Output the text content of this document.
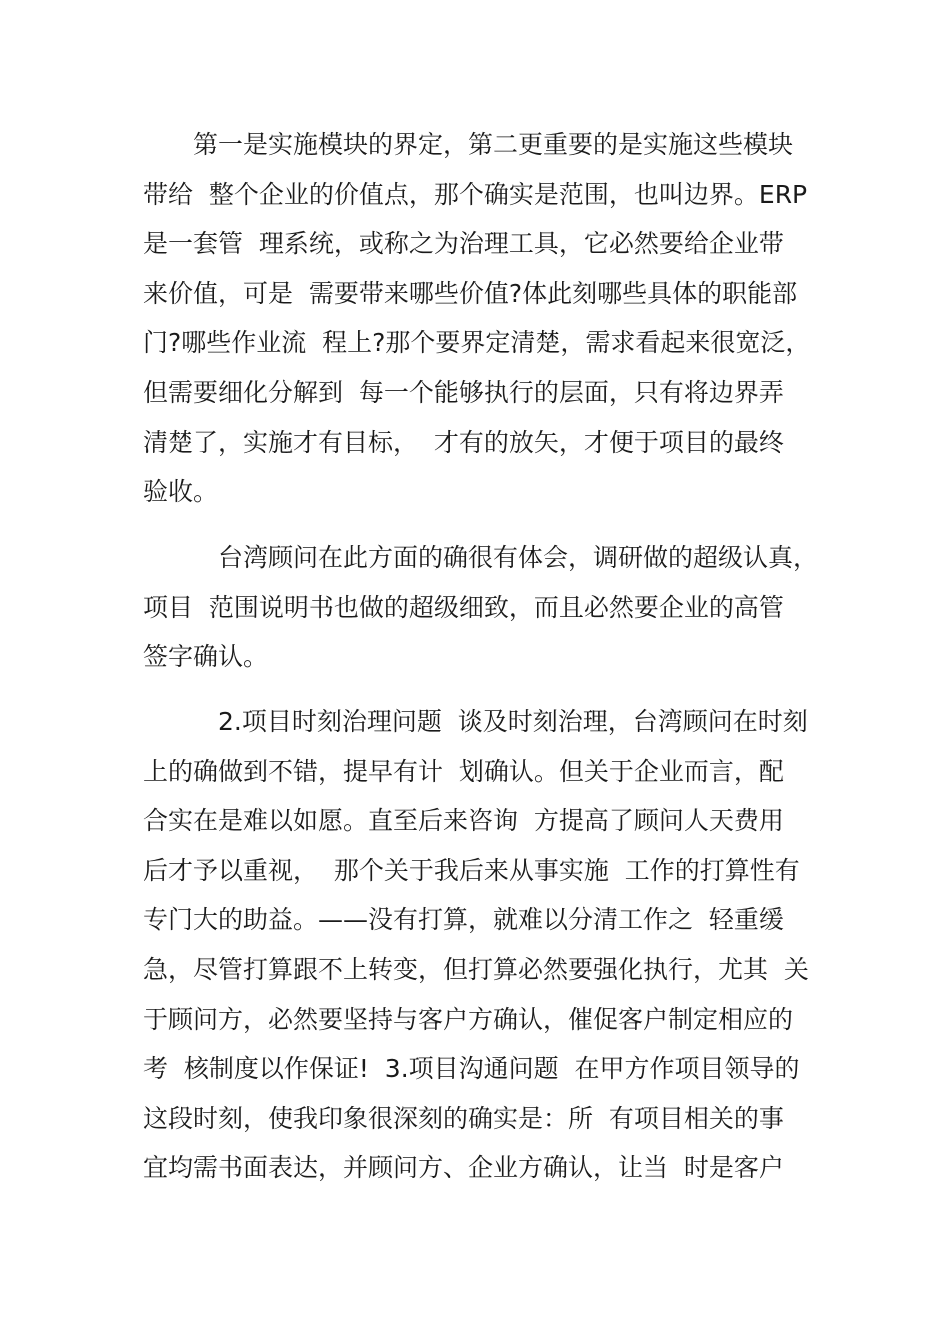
第一是实施模块的界定，第二更重要的是实施这些模块
带给  整个企业的价值点，那个确实是范围，也叫边界。ERP
是一套管  理系统，或称之为治理工具，它必然要给企业带
来价值，可是  需要带来哪些价值?体此刻哪些具体的职能部
门?哪些作业流  程上?那个要界定清楚，需求看起来很宽泛，
但需要细化分解到  每一个能够执行的层面，只有将边界弄
清楚了，实施才有目标，  才有的放矢，才便于项目的最终
验收。
台湾顾问在此方面的确很有体会，调研做的超级认真，
项目  范围说明书也做的超级细致，而且必然要企业的高管
签字确认。
2.项目时刻治理问题  谈及时刻治理，台湾顾问在时刻
上的确做到不错，提早有计  划确认。但关于企业而言，配
合实在是难以如愿。直至后来咨询  方提高了顾问人天费用
后才予以重视，  那个关于我后来从事实施  工作的打算性有
专门大的助益。——没有打算，就难以分清工作之  轻重缓
急，尽管打算跟不上转变，但打算必然要强化执行，尤其  关
于顾问方，必然要坚持与客户方确认，催促客户制定相应的
考  核制度以作保证!  3.项目沟通问题  在甲方作项目领导的
这段时刻，使我印象很深刻的确实是：所  有项目相关的事
宜均需书面表达，并顾问方、企业方确认，让当  时是客户
